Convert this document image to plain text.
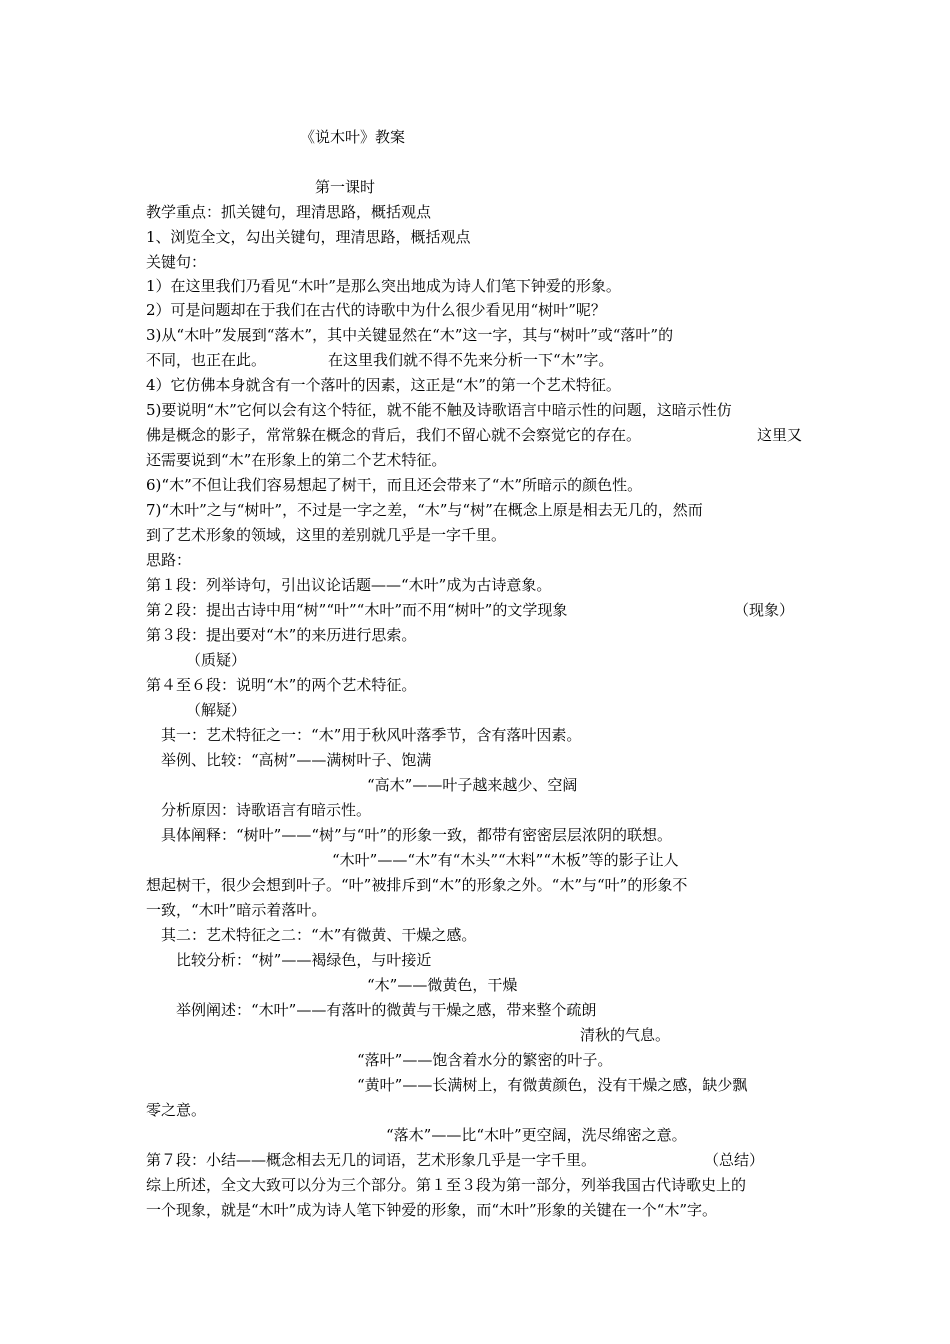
《说木叶》教案
第一课时
教学重点：抓关键句，理清思路，概括观点
1、浏览全文，勾出关键句，理清思路，概括观点
关键句：
1）在这里我们乃看见“木叶”是那么突出地成为诗人们笔下钟爱的形象。
2）可是问题却在于我们在古代的诗歌中为什么很少看见用“树叶”呢？
3)从“木叶”发展到“落木”，其中关键显然在“木”这一字，其与“树叶”或“落叶”的
不同，也正在此。	在这里我们就不得不先来分析一下“木”字。
4）它仿佛本身就含有一个落叶的因素，这正是“木”的第一个艺术特征。
5)要说明“木”它何以会有这个特征，就不能不触及诗歌语言中暗示性的问题，这暗示性仿
佛是概念的影子，常常躲在概念的背后，我们不留心就不会察觉它的存在。	这里又
还需要说到“木”在形象上的第二个艺术特征。
6)“木”不但让我们容易想起了树干，而且还会带来了“木”所暗示的颜色性。
7)“木叶”之与“树叶”，不过是一字之差，“木”与“树”在概念上原是相去无几的，然而
到了艺术形象的领域，这里的差别就几乎是一字千里。
思路：
第１段：列举诗句，引出议论话题——“木叶”成为古诗意象。
第２段：提出古诗中用“树”“叶”“木叶”而不用“树叶”的文学现象	（现象）
第３段：提出要对“木”的来历进行思索。
（质疑）
第４至６段：说明“木”的两个艺术特征。
（解疑）
其一：艺术特征之一：“木”用于秋风叶落季节，含有落叶因素。
举例、比较：“高树”——满树叶子、饱满
“高木”——叶子越来越少、空阔
分析原因：诗歌语言有暗示性。
具体阐释：“树叶”——“树”与“叶”的形象一致，都带有密密层层浓阴的联想。
“木叶”——“木”有“木头”“木料”“木板”等的影子让人
想起树干，很少会想到叶子。“叶”被排斥到“木”的形象之外。“木”与“叶”的形象不
一致，“木叶”暗示着落叶。
其二：艺术特征之二：“木”有微黄、干燥之感。
比较分析：“树”——褐绿色，与叶接近
“木”——微黄色，干燥
举例阐述：“木叶”——有落叶的微黄与干燥之感，带来整个疏朗
清秋的气息。
“落叶”——饱含着水分的繁密的叶子。
“黄叶”——长满树上，有微黄颜色，没有干燥之感，缺少飘
零之意。
“落木”——比“木叶”更空阔，洗尽绵密之意。
第７段：小结——概念相去无几的词语，艺术形象几乎是一字千里。	（总结）
综上所述，全文大致可以分为三个部分。第１至３段为第一部分，列举我国古代诗歌史上的
一个现象，就是“木叶”成为诗人笔下钟爱的形象，而“木叶”形象的关键在一个“木”字。
